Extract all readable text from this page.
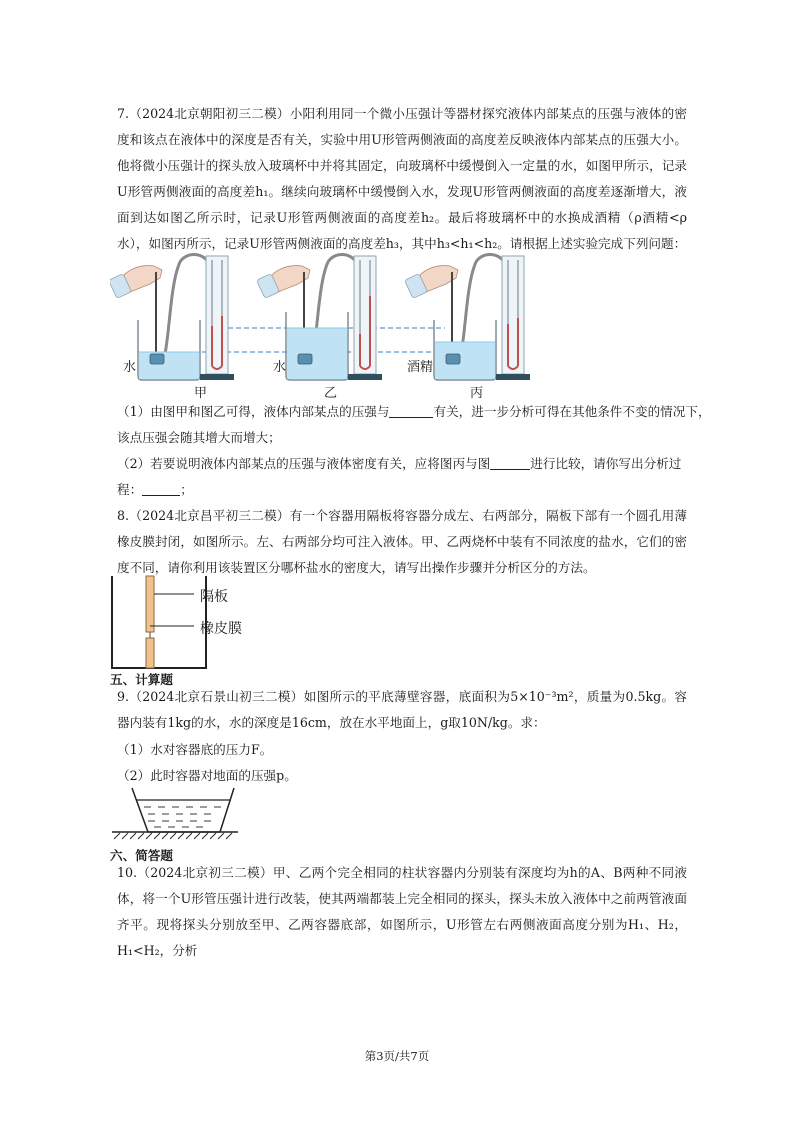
7.（2024北京朝阳初三二模）小阳利用同一个微小压强计等器材探究液体内部某点的压强与液体的密度和该点在液体中的深度是否有关，实验中用U形管两侧液面的高度差反映液体内部某点的压强大小。他将微小压强计的探头放入玻璃杯中并将其固定，向玻璃杯中缓慢倒入一定量的水，如图甲所示，记录U形管两侧液面的高度差h₁。继续向玻璃杯中缓慢倒入水，发现U形管两侧液面的高度差逐渐增大，液面到达如图乙所示时，记录U形管两侧液面的高度差h₂。最后将玻璃杯中的水换成酒精（ρ酒精<ρ水），如图丙所示，记录U形管两侧液面的高度差h₃，其中h₃<h₁<h₂。请根据上述实验完成下列问题：

水	水	酒精
甲	乙	丙

（1）由图甲和图乙可得，液体内部某点的压强与	有关，进一步分析可得在其他条件不变的情况下，

该点压强会随其增大而增大；

（2）若要说明液体内部某点的压强与液体密度有关，应将图丙与图	进行比较，请你写出分析过

程：	；

8.（2024北京昌平初三二模）有一个容器用隔板将容器分成左、右两部分，隔板下部有一个圆孔用薄橡皮膜封闭，如图所示。左、右两部分均可注入液体。甲、乙两烧杯中装有不同浓度的盐水，它们的密度不同，请你利用该装置区分哪杯盐水的密度大，请写出操作步骤并分析区分的方法。

隔板
橡皮膜

五、计算题

9.（2024北京石景山初三二模）如图所示的平底薄壁容器，底面积为5×10⁻³m²，质量为0.5kg。容器内装有1kg的水，水的深度是16cm，放在水平地面上，g取10N/kg。求：

（1）水对容器底的压力F。

（2）此时容器对地面的压强p。

六、简答题

10.（2024北京初三二模）甲、乙两个完全相同的柱状容器内分别装有深度均为h的A、B两种不同液体，将一个U形管压强计进行改装，使其两端都装上完全相同的探头，探头未放入液体中之前两管液面齐平。现将探头分别放至甲、乙两容器底部，如图所示，U形管左右两侧液面高度分别为H₁、H₂，H₁<H₂，分析

第3页/共7页
